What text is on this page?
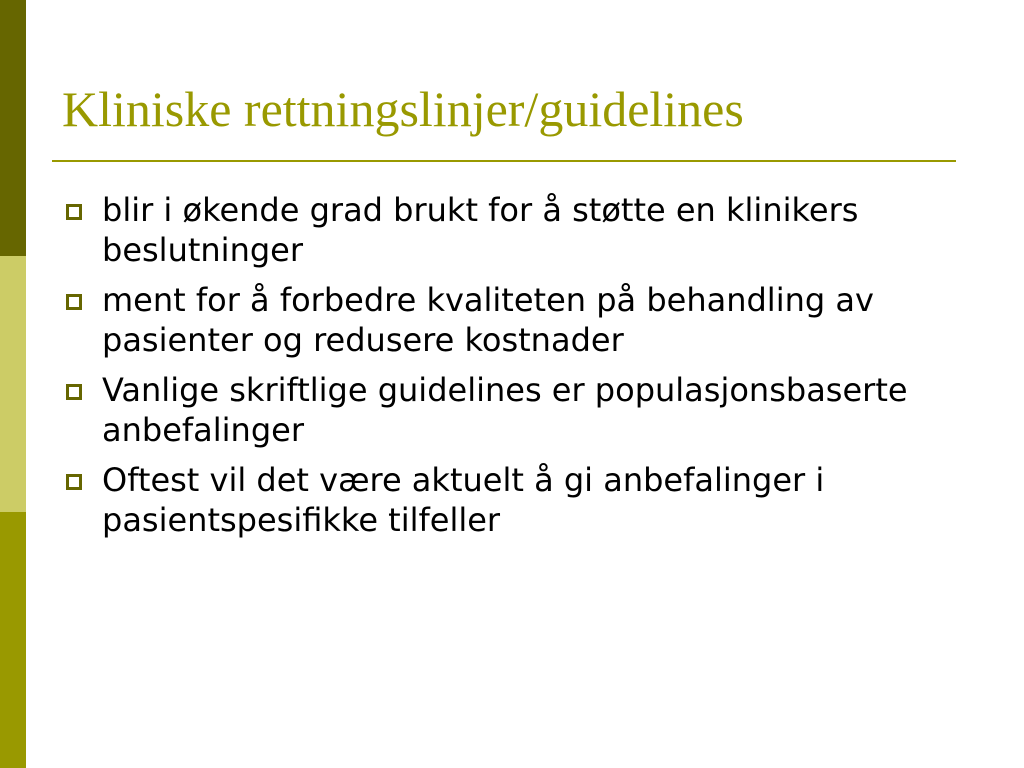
Kliniske rettningslinjer/guidelines
blir i økende grad brukt for å støtte en klinikers beslutninger
ment for å forbedre kvaliteten på behandling av pasienter og redusere kostnader
Vanlige skriftlige guidelines er populasjonsbaserte anbefalinger
Oftest vil det være aktuelt å gi anbefalinger i pasientspesifikke tilfeller
